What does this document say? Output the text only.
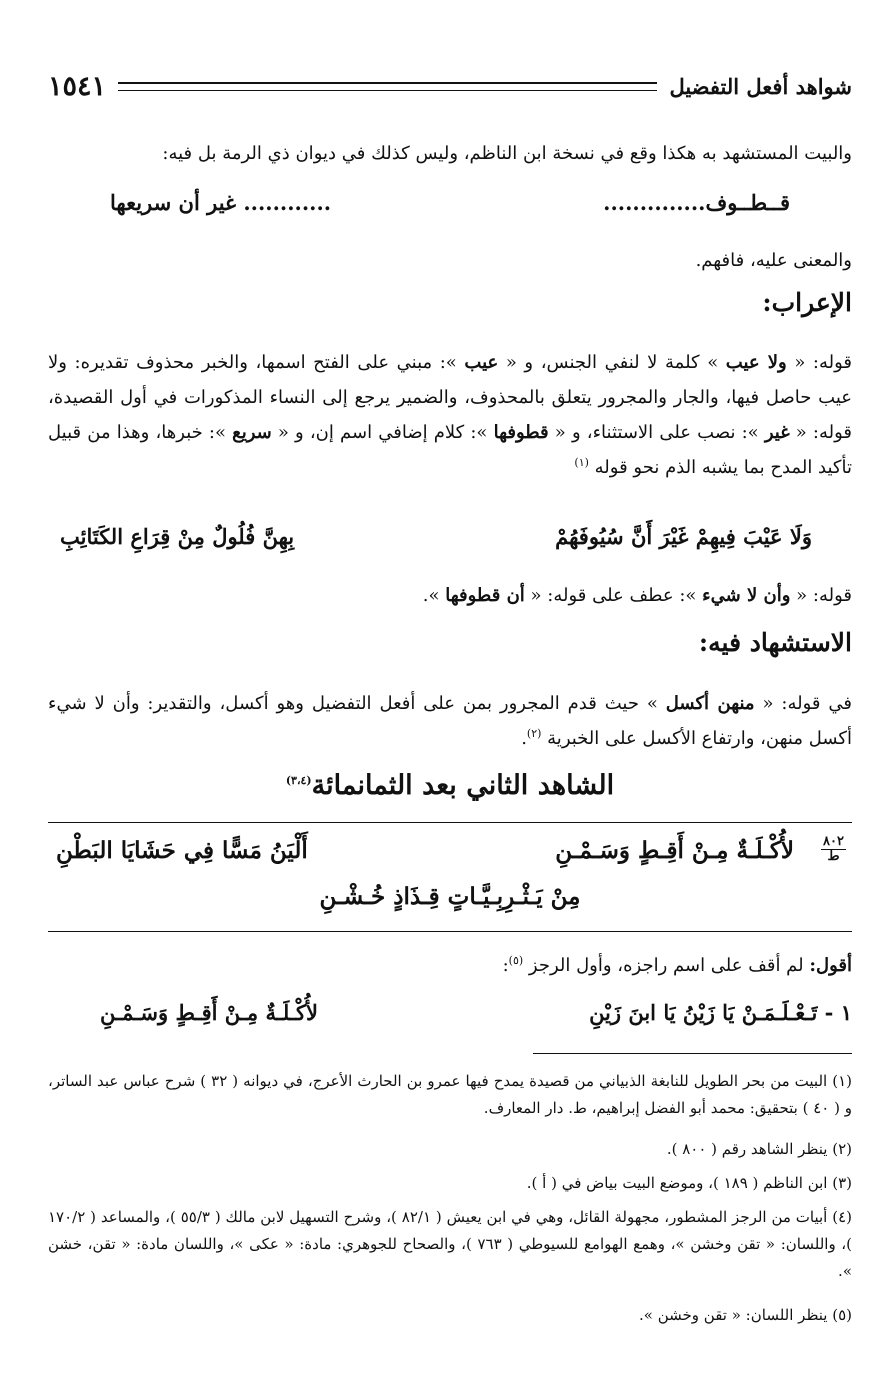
شواهد أفعل التفضيل
١٥٤١
والبيت المستشهد به هكذا وقع في نسخة ابن الناظم، وليس كذلك في ديوان ذي الرمة بل فيه:
قــطــوف..............
............ غير أن سريعها
والمعنى عليه، فافهم.
الإعراب:
قوله: « ولا عيب » كلمة لا لنفي الجنس، و « عيب »: مبني على الفتح اسمها، والخبر محذوف تقديره: ولا عيب حاصل فيها، والجار والمجرور يتعلق بالمحذوف، والضمير يرجع إلى النساء المذكورات في أول القصيدة، قوله: « غير »: نصب على الاستثناء، و « قطوفها »: كلام إضافي اسم إن، و « سريع »: خبرها، وهذا من قبيل تأكيد المدح بما يشبه الذم نحو قوله $^{(١)}$
وَلَا عَيْبَ فِيهِمْ غَيْرَ أَنَّ سُيُوفَهُمْ
بِهِنَّ فُلُولٌ مِنْ قِرَاعِ الكَتَائِبِ
قوله: « وأن لا شيء »: عطف على قوله: « أن قطوفها ».
الاستشهاد فيه:
في قوله: « منهن أكسل » حيث قدم المجرور بمن على أفعل التفضيل وهو أكسل، والتقدير: وأن لا شيء أكسل منهن، وارتفاع الأكسل على الخبرية $^{(٢)}$.
الشاهد الثاني بعد الثمانمائة$^{(٣،٤)}$
٨٠٢
ط
لأُكْـلَـةٌ مِـنْ أَقِـطٍ وَسَـمْـنِ
أَلْيَنُ مَسًّا فِي حَشَايَا البَطْنِ
مِنْ يَـثْـرِبِـيَّـاتٍ قِـذَاذٍ خُـشْـنِ
أقول: لم أقف على اسم راجزه، وأول الرجز $^{(٥)}$:
١ - تَـعْـلَـمَـنْ يَا زَيْنُ يَا ابنَ زَيْنِ
لأُكْـلَـةٌ مِـنْ أَقِـطٍ وَسَـمْـنِ
(١) البيت من بحر الطويل للنابغة الذبياني من قصيدة يمدح فيها عمرو بن الحارث الأعرج، في ديوانه ( ٣٢ ) شرح عباس عبد الساتر، و ( ٤٠ ) بتحقيق: محمد أبو الفضل إبراهيم، ط. دار المعارف.
(٢) ينظر الشاهد رقم ( ٨٠٠ ).
(٣) ابن الناظم ( ١٨٩ )، وموضع البيت بياض في ( أ ).
(٤) أبيات من الرجز المشطور، مجهولة القائل، وهي في ابن يعيش ( ٨٢/١ )، وشرح التسهيل لابن مالك ( ٥٥/٣ )، والمساعد ( ١٧٠/٢ )، واللسان: « تقن وخشن »، وهمع الهوامع للسيوطي ( ٧٦٣ )، والصحاح للجوهري: مادة: « عكى »، واللسان مادة: « تقن، خشن ».
(٥) ينظر اللسان: « تقن وخشن ».
